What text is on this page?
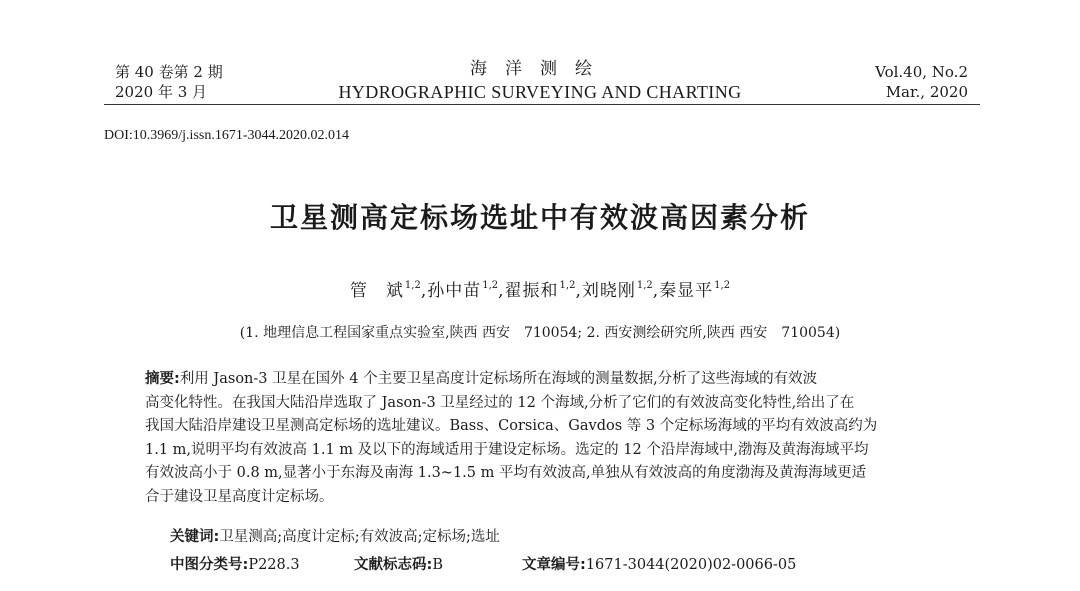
第 40 卷第 2 期
2020 年 3 月
海洋测绘
HYDROGRAPHIC SURVEYING AND CHARTING
Vol.40, No.2
Mar., 2020
DOI:10.3969/j.issn.1671-3044.2020.02.014
卫星测高定标场选址中有效波高因素分析
管　斌$^{1,2}$,孙中苗$^{1,2}$,翟振和$^{1,2}$,刘晓刚$^{1,2}$,秦显平$^{1,2}$
(1. 地理信息工程国家重点实验室,陕西 西安　710054; 2. 西安测绘研究所,陕西 西安　710054)

摘要:利用 Jason-3 卫星在国外 4 个主要卫星高度计定标场所在海域的测量数据,分析了这些海域的有效波

高变化特性。在我国大陆沿岸选取了 Jason-3 卫星经过的 12 个海域,分析了它们的有效波高变化特性,给出了在

我国大陆沿岸建设卫星测高定标场的选址建议。Bass、Corsica、Gavdos 等 3 个定标场海域的平均有效波高约为

1.1 m,说明平均有效波高 1.1 m 及以下的海域适用于建设定标场。选定的 12 个沿岸海域中,渤海及黄海海域平均

有效波高小于 0.8 m,显著小于东海及南海 1.3~1.5 m 平均有效波高,单独从有效波高的角度渤海及黄海海域更适

合于建设卫星高度计定标场。

关键词:卫星测高;高度计定标;有效波高;定标场;选址
中图分类号:P228.3	文献标志码:B	文章编号:1671-3044(2020)02-0066-05
